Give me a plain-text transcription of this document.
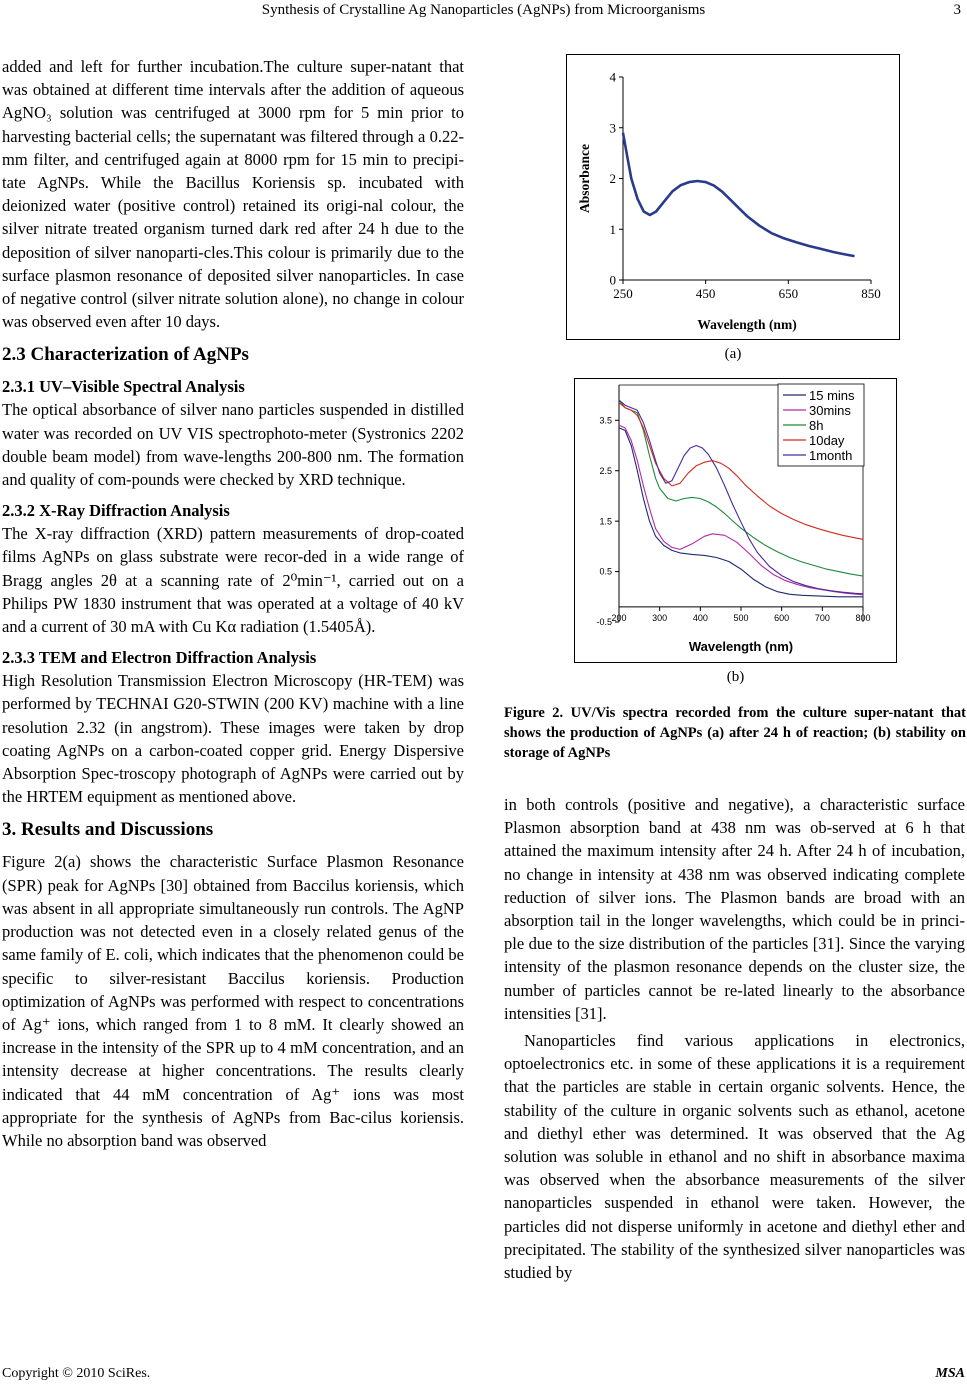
Synthesis of Crystalline Ag Nanoparticles (AgNPs) from Microorganisms	3

added and left for further incubation.The culture super-natant that was obtained at different time intervals after the addition of aqueous AgNO₃ solution was centrifuged at 3000 rpm for 5 min prior to harvesting bacterial cells; the supernatant was filtered through a 0.22-mm filter, and centrifuged again at 8000 rpm for 15 min to precipi-tate AgNPs. While the Bacillus Koriensis sp. incubated with deionized water (positive control) retained its origi-nal colour, the silver nitrate treated organism turned dark red after 24 h due to the deposition of silver nanoparti-cles.This colour is primarily due to the surface plasmon resonance of deposited silver nanoparticles. In case of negative control (silver nitrate solution alone), no change in colour was observed even after 10 days.

2.3 Characterization of AgNPs
2.3.1 UV–Visible Spectral Analysis

The optical absorbance of silver nano particles suspended in distilled water was recorded on UV VIS spectrophoto-meter (Systronics 2202 double beam model) from wave-lengths 200-800 nm. The formation and quality of com-pounds were checked by XRD technique.

2.3.2 X-Ray Diffraction Analysis

The X-ray diffraction (XRD) pattern measurements of drop-coated films AgNPs on glass substrate were recor-ded in a wide range of Bragg angles 2θ at a scanning rate of 2⁰min⁻¹, carried out on a Philips PW 1830 instrument that was operated at a voltage of 40 kV and a current of 30 mA with Cu Kα radiation (1.5405Å).

2.3.3 TEM and Electron Diffraction Analysis

High Resolution Transmission Electron Microscopy (HR-TEM) was performed by TECHNAI G20-STWIN (200 KV) machine with a line resolution 2.32 (in angstrom). These images were taken by drop coating AgNPs on a carbon-coated copper grid. Energy Dispersive Absorption Spec-troscopy photograph of AgNPs were carried out by the HRTEM equipment as mentioned above.

3. Results and Discussions

Figure 2(a) shows the characteristic Surface Plasmon Resonance (SPR) peak for AgNPs [30] obtained from Baccilus koriensis, which was absent in all appropriate simultaneously run controls. The AgNP production was not detected even in a closely related genus of the same family of E. coli, which indicates that the phenomenon could be specific to silver-resistant Baccilus koriensis. Production optimization of AgNPs was performed with respect to concentrations of Ag⁺ ions, which ranged from 1 to 8 mM. It clearly showed an increase in the intensity of the SPR up to 4 mM concentration, and an intensity decrease at higher concentrations. The results clearly indicated that 44 mM concentration of Ag⁺ ions was most appropriate for the synthesis of AgNPs from Bac-cilus koriensis. While no absorption band was observed

250	450	650	850
0
1
2
3
4
Wavelength (nm)
Absorbance
(a)
200	300	400	500	600	700	800
-0.5
0.5
1.5
2.5
3.5
Wavelength (nm)
15 mins
30mins
8h
10day
1month
(b)
Figure 2. UV/Vis spectra recorded from the culture super-natant that shows the production of AgNPs (a) after 24 h of reaction; (b) stability on storage of AgNPs

in both controls (positive and negative), a characteristic surface Plasmon absorption band at 438 nm was ob-served at 6 h that attained the maximum intensity after 24 h. After 24 h of incubation, no change in intensity at 438 nm was observed indicating complete reduction of silver ions. The Plasmon bands are broad with an absorption tail in the longer wavelengths, which could be in princi-ple due to the size distribution of the particles [31]. Since the varying intensity of the plasmon resonance depends on the cluster size, the number of particles cannot be re-lated linearly to the absorbance intensities [31].

Nanoparticles find various applications in electronics, optoelectronics etc. in some of these applications it is a requirement that the particles are stable in certain organic solvents. Hence, the stability of the culture in organic solvents such as ethanol, acetone and diethyl ether was determined. It was observed that the Ag solution was soluble in ethanol and no shift in absorbance maxima was observed when the absorbance measurements of the silver nanoparticles suspended in ethanol were taken. However, the particles did not disperse uniformly in acetone and diethyl ether and precipitated. The stability of the synthesized silver nanoparticles was studied by

Copyright © 2010 SciRes.	MSA
